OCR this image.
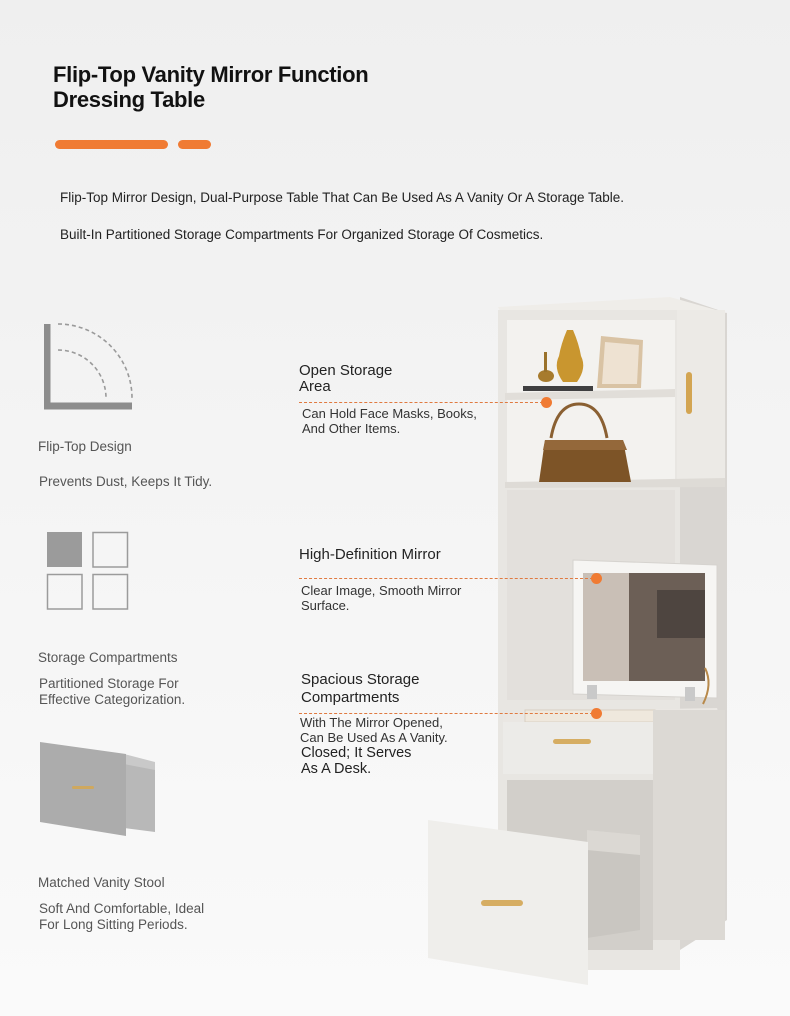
Flip-Top Vanity Mirror Function
Dressing Table
Flip-Top Mirror Design, Dual-Purpose Table That Can Be Used As A Vanity Or A Storage Table.
Built-In Partitioned Storage Compartments For Organized Storage Of Cosmetics.
Flip-Top Design
Prevents Dust, Keeps It Tidy.
Storage Compartments
Partitioned Storage For
Effective Categorization.
Matched Vanity Stool
Soft And Comfortable, Ideal
For Long Sitting Periods.
Open Storage
Area
Can Hold Face Masks, Books,
And Other Items.
High-Definition Mirror
Clear Image, Smooth Mirror
Surface.
Spacious Storage
Compartments
With The Mirror Opened,
Can Be Used As A Vanity.
Closed; It Serves
As A Desk.
